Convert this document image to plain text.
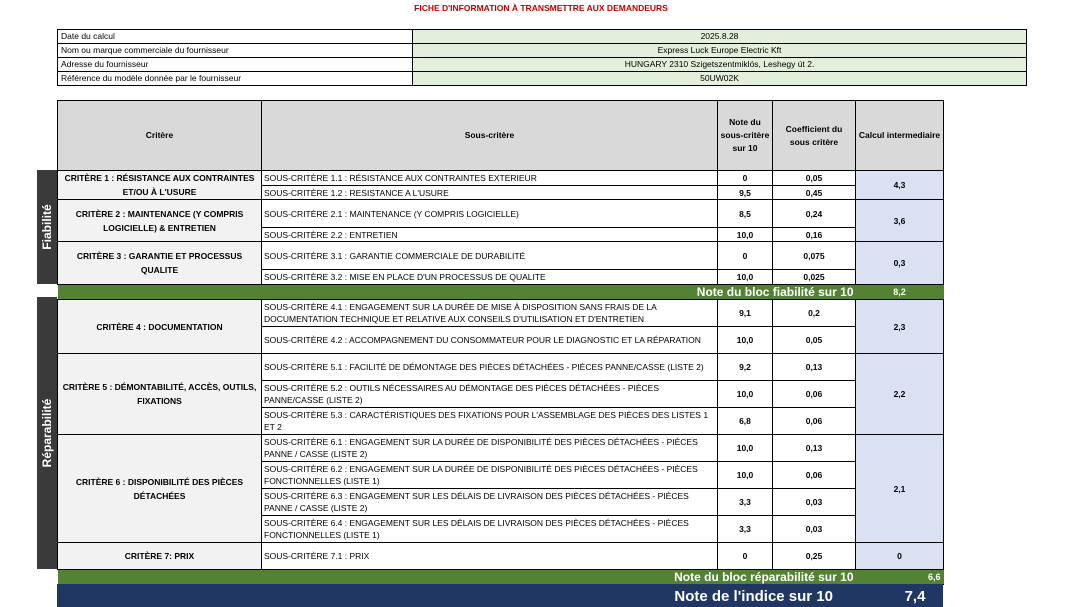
FICHE D'INFORMATION À TRANSMETTRE AUX DEMANDEURS
Date du calcul	2025.8.28
Nom ou marque commerciale du fournisseur	Express Luck Europe Electric Kft
Adresse du fournisseur	HUNGARY 2310 Szigetszentmiklós, Leshegy út 2.
Référence du modèle donnée par le fournisseur	50UW02K
Fiabilité
Réparabilité
Critère	Sous-critère	Note du sous-critère sur 10	Coefficient du sous critère	Calcul intermediaire
CRITÈRE 1 : RÉSISTANCE AUX CONTRAINTES ET/OU À L'USURE	SOUS-CRITÈRE 1.1 : RÉSISTANCE AUX CONTRAINTES EXTERIEUR	0	0,05	4,3
	SOUS-CRITÈRE 1.2 : RESISTANCE A L'USURE	9,5	0,45	
CRITÈRE 2 : MAINTENANCE (Y COMPRIS LOGICIELLE) & ENTRETIEN	SOUS-CRITÈRE 2.1 : MAINTENANCE (Y COMPRIS LOGICIELLE)	8,5	0,24	3,6
	SOUS-CRITÈRE 2.2 : ENTRETIEN	10,0	0,16	
CRITÈRE 3 : GARANTIE ET PROCESSUS QUALITE	SOUS-CRITÈRE 3.1 : GARANTIE COMMERCIALE DE DURABILITÉ	0	0,075	0,3
	SOUS-CRITÈRE 3.2 : MISE EN PLACE D'UN PROCESSUS DE QUALITE	10,0	0,025	
Note du bloc fiabilité sur 10				8,2
CRITÈRE 4 : DOCUMENTATION	SOUS-CRITÈRE 4.1 : ENGAGEMENT SUR LA DURÉE DE MISE À DISPOSITION SANS FRAIS DE LA DOCUMENTATION TECHNIQUE ET RELATIVE AUX CONSEILS D'UTILISATION ET D'ENTRETIEN	9,1	0,2	2,3
	SOUS-CRITÈRE 4.2 : ACCOMPAGNEMENT DU CONSOMMATEUR POUR LE DIAGNOSTIC ET LA RÉPARATION	10,0	0,05	
CRITÈRE 5 : DÉMONTABILITÉ, ACCÈS, OUTILS, FIXATIONS	SOUS-CRITÈRE 5.1 : FACILITÉ DE DÉMONTAGE DES PIÈCES DÉTACHÉES - PIÈCES PANNE/CASSE (LISTE 2)	9,2	0,13	2,2
	SOUS-CRITÈRE 5.2 : OUTILS NÉCESSAIRES AU DÉMONTAGE DES PIÈCES DÉTACHÉES - PIÈCES PANNE/CASSE (LISTE 2)	10,0	0,06	
	SOUS-CRITÈRE 5.3 : CARACTÉRISTIQUES DES FIXATIONS POUR L'ASSEMBLAGE DES PIÈCES DES LISTES 1 ET 2	6,8	0,06	
CRITÈRE 6 : DISPONIBILITÉ DES PIÈCES DÉTACHÉES	SOUS-CRITÈRE 6.1 : ENGAGEMENT SUR LA DURÉE DE DISPONIBILITÉ DES PIÈCES DÉTACHÉES - PIÈCES PANNE / CASSE (LISTE 2)	10,0	0,13	2,1
	SOUS-CRITÈRE 6.2 : ENGAGEMENT SUR LA DURÉE DE DISPONIBILITÉ DES PIÈCES DÉTACHÉES - PIÈCES FONCTIONNELLES (LISTE 1)	10,0	0,06	
	SOUS-CRITÈRE 6.3 : ENGAGEMENT SUR LES DÉLAIS DE LIVRAISON DES PIÈCES DÉTACHÉES - PIÈCES PANNE / CASSE (LISTE 2)	3,3	0,03	
	SOUS-CRITÈRE 6.4 : ENGAGEMENT SUR LES DÉLAIS DE LIVRAISON DES PIÈCES DÉTACHÉES - PIÈCES FONCTIONNELLES (LISTE 1)	3,3	0,03	
CRITÈRE 7: PRIX	SOUS-CRITÈRE 7.1 : PRIX	0	0,25	0
Note du bloc réparabilité sur 10				6,6
Note de l'indice sur 10	7,4
